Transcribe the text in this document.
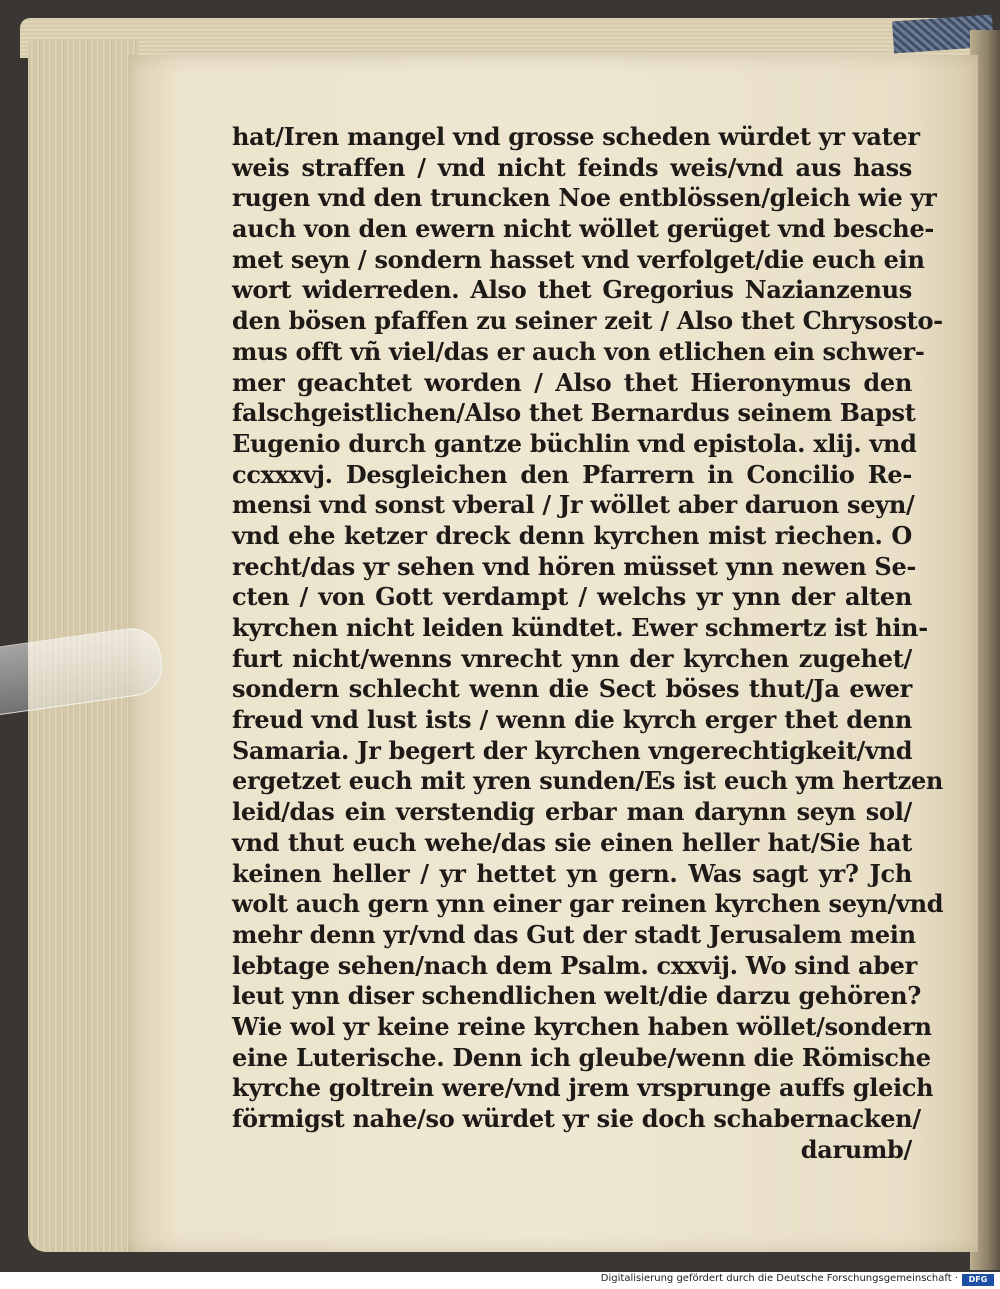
hat/Iren mangel vnd grosse scheden würdet yr vater
weis straffen / vnd nicht feinds weis/vnd aus hass
rugen vnd den truncken Noe entblössen/gleich wie yr
auch von den ewern nicht wöllet gerüget vnd besche-
met seyn / sondern hasset vnd verfolget/die euch ein
wort widerreden. Also thet Gregorius Nazianzenus
den bösen pfaffen zu seiner zeit / Also thet Chrysosto-
mus offt vñ viel/das er auch von etlichen ein schwer-
mer geachtet worden / Also thet Hieronymus den
falschgeistlichen/Also thet Bernardus seinem Bapst
Eugenio durch gantze büchlin vnd epistola. xlij. vnd
ccxxxvj. Desgleichen den Pfarrern in Concilio Re-
mensi vnd sonst vberal / Jr wöllet aber daruon seyn/
vnd ehe ketzer dreck denn kyrchen mist riechen. O
recht/das yr sehen vnd hören müsset ynn newen Se-
cten / von Gott verdampt / welchs yr ynn der alten
kyrchen nicht leiden kündtet. Ewer schmertz ist hin-
furt nicht/wenns vnrecht ynn der kyrchen zugehet/
sondern schlecht wenn die Sect böses thut/Ja ewer
freud vnd lust ists / wenn die kyrch erger thet denn
Samaria. Jr begert der kyrchen vngerechtigkeit/vnd
ergetzet euch mit yren sunden/Es ist euch ym hertzen
leid/das ein verstendig erbar man darynn seyn sol/
vnd thut euch wehe/das sie einen heller hat/Sie hat
keinen heller / yr hettet yn gern. Was sagt yr? Jch
wolt auch gern ynn einer gar reinen kyrchen seyn/vnd
mehr denn yr/vnd das Gut der stadt Jerusalem mein
lebtage sehen/nach dem Psalm. cxxvij. Wo sind aber
leut ynn diser schendlichen welt/die darzu gehören?
Wie wol yr keine reine kyrchen haben wöllet/sondern
eine Luterische. Denn ich gleube/wenn die Römische
kyrche goltrein were/vnd jrem vrsprunge auffs gleich
förmigst nahe/so würdet yr sie doch schabernacken/
darumb/
Digitalisierung gefördert durch die Deutsche Forschungsgemeinschaft ·	DFG
